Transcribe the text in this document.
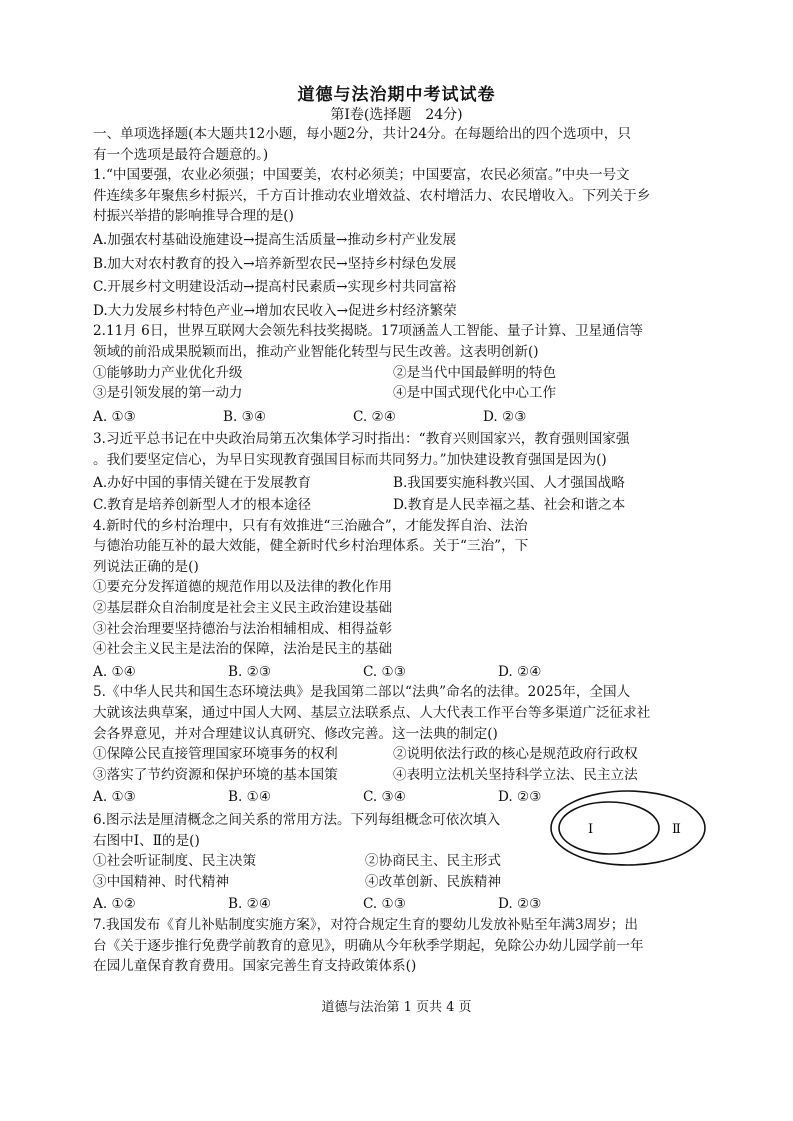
道德与法治期中考试试卷
第Ⅰ卷(选择题　24分)
一、单项选择题(本大题共12小题，每小题2分，共计24分。在每题给出的四个选项中，只
有一个选项是最符合题意的。)
1.“中国要强，农业必须强；中国要美，农村必须美；中国要富，农民必须富。”中央一号文
件连续多年聚焦乡村振兴，千方百计推动农业增效益、农村增活力、农民增收入。下列关于乡
村振兴举措的影响推导合理的是()
A.加强农村基础设施建设→提高生活质量→推动乡村产业发展
B.加大对农村教育的投入→培养新型农民→坚持乡村绿色发展
C.开展乡村文明建设活动→提高村民素质→实现乡村共同富裕
D.大力发展乡村特色产业→增加农民收入→促进乡村经济繁荣
2.11月 6日，世界互联网大会领先科技奖揭晓。17项涵盖人工智能、量子计算、卫星通信等
领域的前沿成果脱颖而出，推动产业智能化转型与民生改善。这表明创新()
①能够助力产业优化升级	②是当代中国最鲜明的特色
③是引领发展的第一动力	④是中国式现代化中心工作
A. ①③	B. ③④	C. ②④	D. ②③
3.习近平总书记在中央政治局第五次集体学习时指出：“教育兴则国家兴，教育强则国家强
。我们要坚定信心，为早日实现教育强国目标而共同努力。”加快建设教育强国是因为()
A.办好中国的事情关键在于发展教育	B.我国要实施科教兴国、人才强国战略
C.教育是培养创新型人才的根本途径	D.教育是人民幸福之基、社会和谐之本
4.新时代的乡村治理中，只有有效推进“三治融合”，才能发挥自治、法治
与德治功能互补的最大效能，健全新时代乡村治理体系。关于“三治”，下
列说法正确的是()
①要充分发挥道德的规范作用以及法律的教化作用
②基层群众自治制度是社会主义民主政治建设基础
③社会治理要坚持德治与法治相辅相成、相得益彰
④社会主义民主是法治的保障，法治是民主的基础
A. ①④	B. ②③	C. ①③	D. ②④
5.《中华人民共和国生态环境法典》是我国第二部以“法典”命名的法律。2025年，全国人
大就该法典草案，通过中国人大网、基层立法联系点、人大代表工作平台等多渠道广泛征求社
会各界意见，并对合理建议认真研究、修改完善。这一法典的制定()
①保障公民直接管理国家环境事务的权利	②说明依法行政的核心是规范政府行政权
③落实了节约资源和保护环境的基本国策	④表明立法机关坚持科学立法、民主立法
A. ①③	B. ①④	C. ③④	D. ②③
6.图示法是厘清概念之间关系的常用方法。下列每组概念可依次填入
右图中Ⅰ、Ⅱ的是()
①社会听证制度、民主决策	②协商民主、民主形式
③中国精神、时代精神	④改革创新、民族精神
A. ①②	B. ②④	C. ①③	D. ②③
7.我国发布《育儿补贴制度实施方案》，对符合规定生育的婴幼儿发放补贴至年满3周岁；出
台《关于逐步推行免费学前教育的意见》，明确从今年秋季学期起，免除公办幼儿园学前一年
在园儿童保育教育费用。国家完善生育支持政策体系()
Ⅰ	Ⅱ
道德与法治第 1 页共 4 页
